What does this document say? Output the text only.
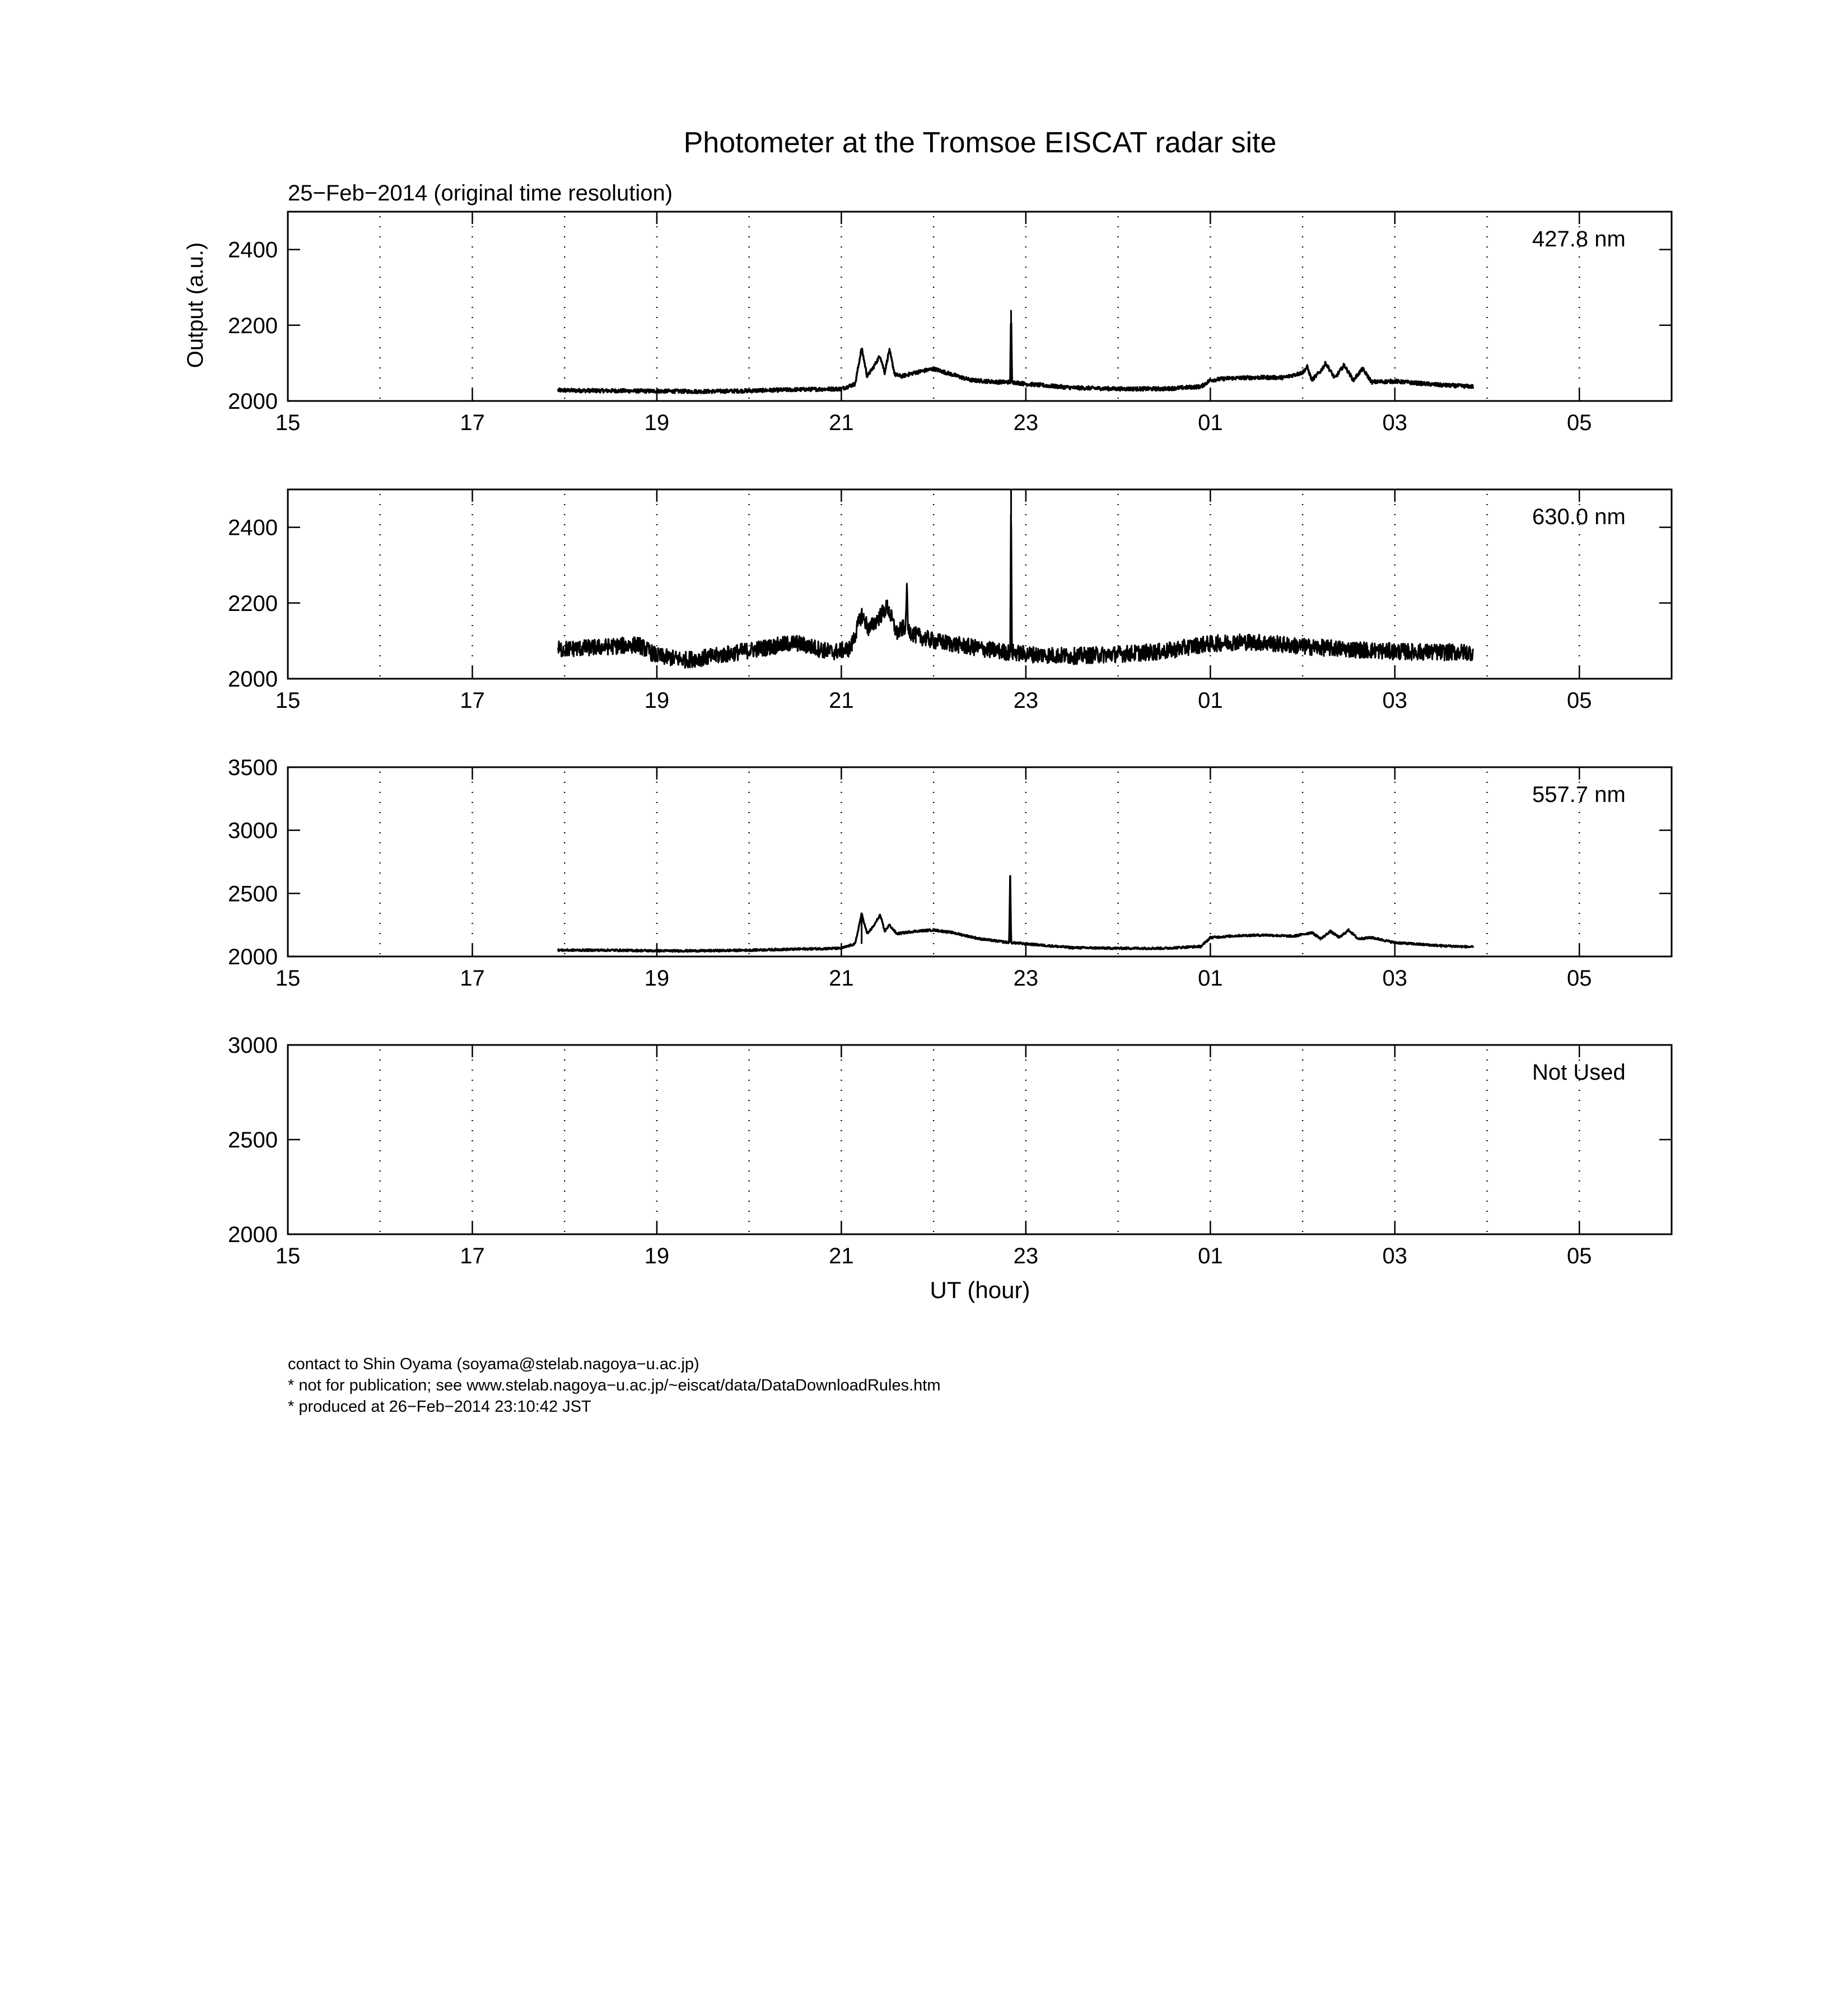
Photometer at the Tromsoe EISCAT radar site
25−Feb−2014 (original time resolution)
Output (a.u.)
UT (hour)
contact to Shin Oyama (soyama@stelab.nagoya−u.ac.jp)
* not for publication; see www.stelab.nagoya−u.ac.jp/~eiscat/data/DataDownloadRules.htm
* produced at 26−Feb−2014 23:10:42 JST
15	17	19	21	23	01	03	05
2000
2200
2400	427.8 nm
15	17	19	21	23	01	03	05
2000
2200
2400	630.0 nm
15	17	19	21	23	01	03	05
2000
2500
3000
3500
557.7 nm
15	17	19	21	23	01	03	05
2000
2500
3000
Not Used
